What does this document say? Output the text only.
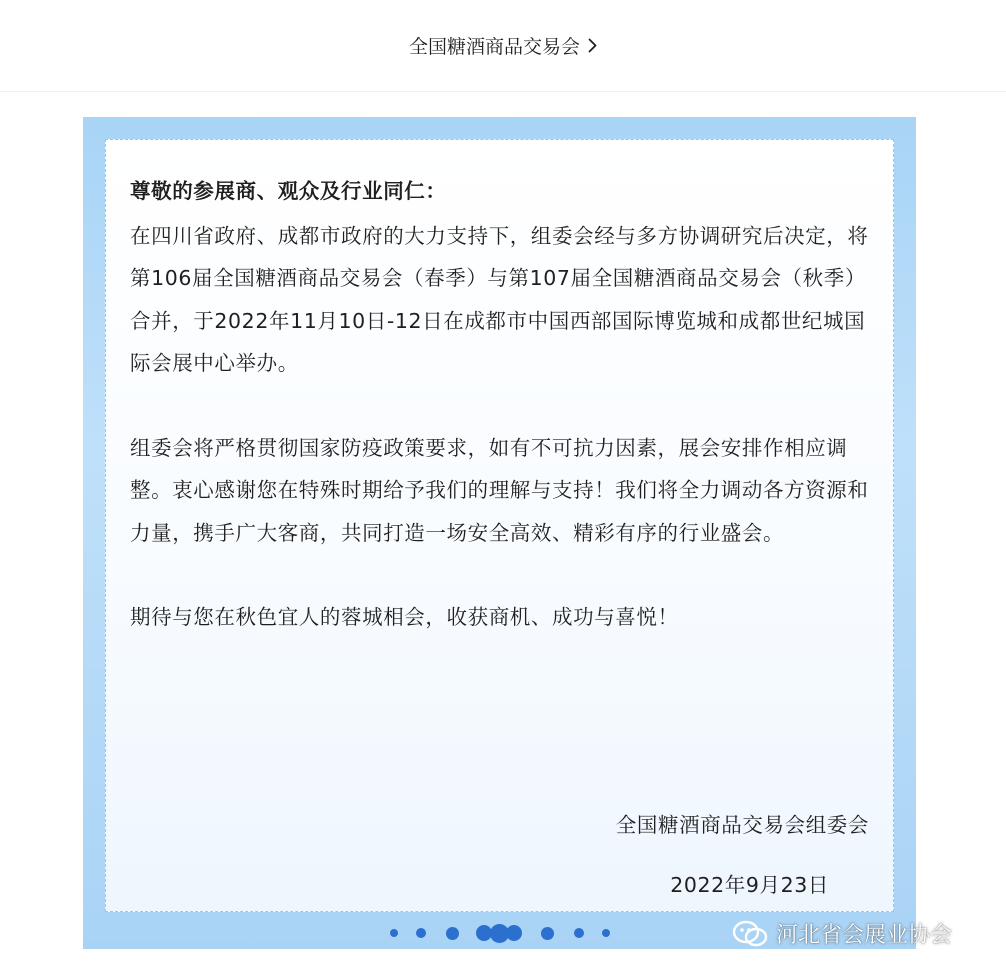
全国糖酒商品交易会

尊敬的参展商、观众及行业同仁：

在四川省政府、成都市政府的大力支持下，组委会经与多方协调研究后决定，将第106届全国糖酒商品交易会（春季）与第107届全国糖酒商品交易会（秋季）合并，于2022年11月10日-12日在成都市中国西部国际博览城和成都世纪城国际会展中心举办。

组委会将严格贯彻国家防疫政策要求，如有不可抗力因素，展会安排作相应调整。衷心感谢您在特殊时期给予我们的理解与支持！我们将全力调动各方资源和力量，携手广大客商，共同打造一场安全高效、精彩有序的行业盛会。

期待与您在秋色宜人的蓉城相会，收获商机、成功与喜悦！

全国糖酒商品交易会组委会
2022年9月23日
河北省会展业协会
